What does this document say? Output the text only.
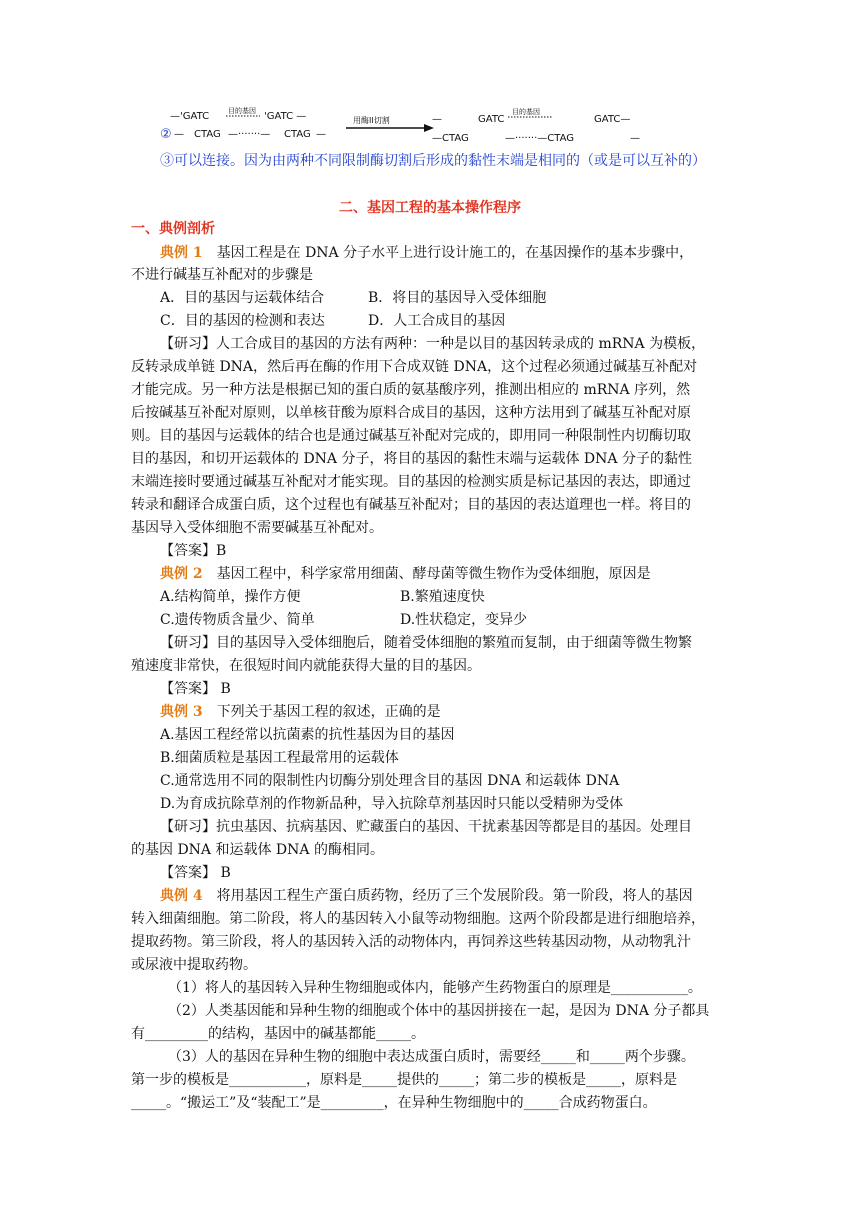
—'GATC	目的基因 'GATC —
② — CTAG —·······— CTAG —
用酶II切割	—	GATC
目的基因
GATC—
—CTAG	—·······—CTAG	—
③可以连接。因为由两种不同限制酶切割后形成的黏性末端是相同的（或是可以互补的）
二、基因工程的基本操作程序
一、典例剖析
典例 1　基因工程是在 DNA 分子水平上进行设计施工的，在基因操作的基本步骤中，
不进行碱基互补配对的步骤是
A．目的基因与运载体结合	B．将目的基因导入受体细胞
C．目的基因的检测和表达	D．人工合成目的基因
【研习】人工合成目的基因的方法有两种：一种是以目的基因转录成的 mRNA 为模板，
反转录成单链 DNA，然后再在酶的作用下合成双链 DNA，这个过程必须通过碱基互补配对
才能完成。另一种方法是根据已知的蛋白质的氨基酸序列，推测出相应的 mRNA 序列，然
后按碱基互补配对原则，以单核苷酸为原料合成目的基因，这种方法用到了碱基互补配对原
则。目的基因与运载体的结合也是通过碱基互补配对完成的，即用同一种限制性内切酶切取
目的基因，和切开运载体的 DNA 分子，将目的基因的黏性末端与运载体 DNA 分子的黏性
末端连接时要通过碱基互补配对才能实现。目的基因的检测实质是标记基因的表达，即通过
转录和翻译合成蛋白质，这个过程也有碱基互补配对；目的基因的表达道理也一样。将目的
基因导入受体细胞不需要碱基互补配对。
【答案】B
典例 2　基因工程中，科学家常用细菌、酵母菌等微生物作为受体细胞，原因是
A.结构简单，操作方便	B.繁殖速度快
C.遗传物质含量少、简单	D.性状稳定，变异少
【研习】目的基因导入受体细胞后，随着受体细胞的繁殖而复制，由于细菌等微生物繁
殖速度非常快，在很短时间内就能获得大量的目的基因。
【答案】 B
典例 3　下列关于基因工程的叙述，正确的是
A.基因工程经常以抗菌素的抗性基因为目的基因
B.细菌质粒是基因工程最常用的运载体
C.通常选用不同的限制性内切酶分别处理含目的基因 DNA 和运载体 DNA
D.为育成抗除草剂的作物新品种，导入抗除草剂基因时只能以受精卵为受体
【研习】抗虫基因、抗病基因、贮藏蛋白的基因、干扰素基因等都是目的基因。处理目
的基因 DNA 和运载体 DNA 的酶相同。
【答案】 B
典例 4　将用基因工程生产蛋白质药物，经历了三个发展阶段。第一阶段，将人的基因
转入细菌细胞。第二阶段，将人的基因转入小鼠等动物细胞。这两个阶段都是进行细胞培养，
提取药物。第三阶段，将人的基因转入活的动物体内，再饲养这些转基因动物，从动物乳汁
或尿液中提取药物。
（1）将人的基因转入异种生物细胞或体内，能够产生药物蛋白的原理是___________。
（2）人类基因能和异种生物的细胞或个体中的基因拼接在一起，是因为 DNA 分子都具
有_________的结构，基因中的碱基都能_____。
（3）人的基因在异种生物的细胞中表达成蛋白质时，需要经_____和_____两个步骤。
第一步的模板是___________，原料是_____提供的_____；第二步的模板是_____，原料是
_____。“搬运工”及“装配工”是_________，在异种生物细胞中的_____合成药物蛋白。
